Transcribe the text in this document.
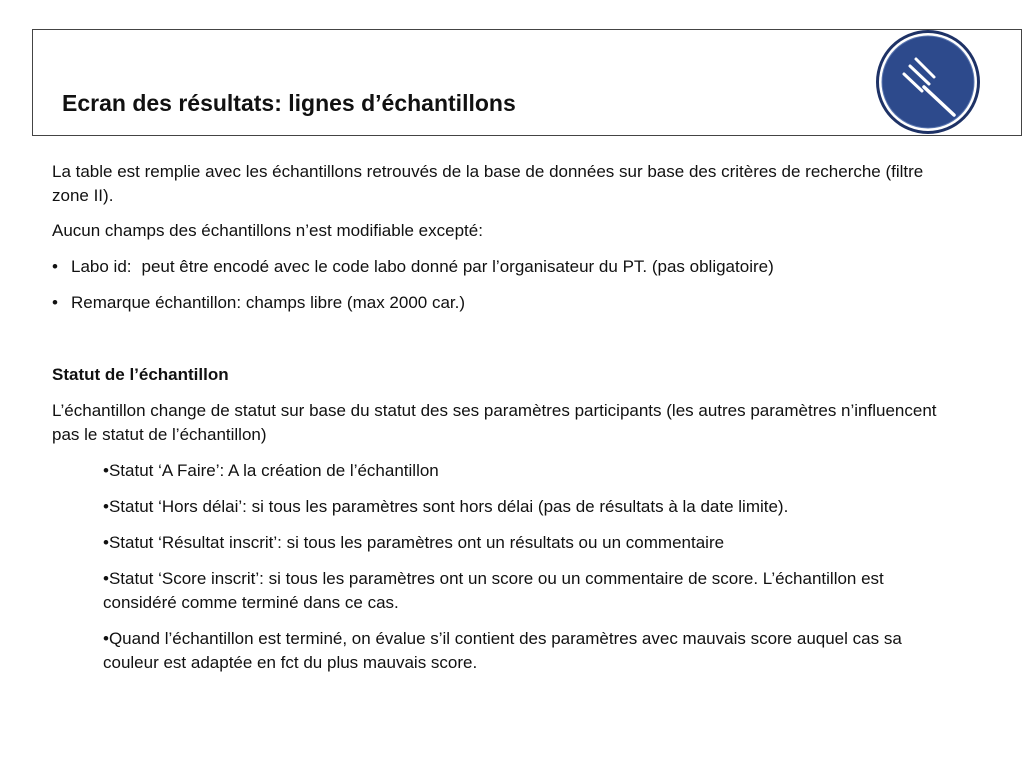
Ecran des résultats: lignes d’échantillons

La table est remplie avec les échantillons retrouvés de la base de données sur base des critères de recherche (filtre zone II).

Aucun champs des échantillons n’est modifiable excepté:

• Labo id: peut être encodé avec le code labo donné par l’organisateur du PT. (pas obligatoire)

• Remarque échantillon: champs libre (max 2000 car.)

Statut de l’échantillon

L’échantillon change de statut sur base du statut des ses paramètres participants (les autres paramètres n’influencent pas le statut de l’échantillon)

•Statut ‘A Faire’: A la création de l’échantillon

•Statut ‘Hors délai’: si tous les paramètres sont hors délai (pas de résultats à la date limite).

•Statut ‘Résultat inscrit’: si tous les paramètres ont un résultats ou un commentaire

•Statut ‘Score inscrit’: si tous les paramètres ont un score ou un commentaire de score. L’échantillon est considéré comme terminé dans ce cas.

•Quand l’échantillon est terminé, on évalue s’il contient des paramètres avec mauvais score auquel cas sa couleur est adaptée en fct du plus mauvais score.
